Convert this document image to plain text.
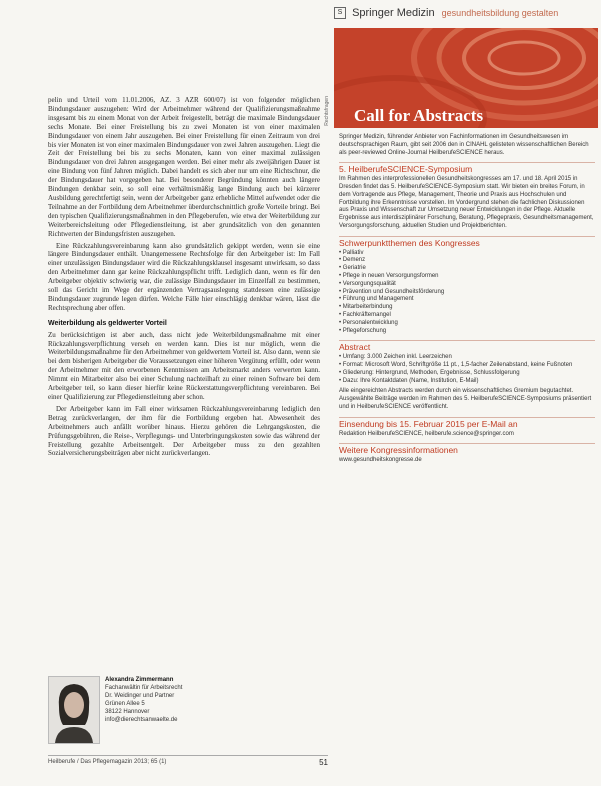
pelin und Urteil vom 11.01.2006, AZ. 3 AZR 600/07) ist von folgender möglichen Bindungsdauer auszugehen: Wird der Arbeitnehmer während der Qualifizierungsmaßnahme insgesamt bis zu einem Monat von der Arbeit freigestellt, beträgt die maximale Bindungsdauer sechs Monate. Bei einer Freistellung bis zu zwei Monaten ist von einer maximalen Bindungsdauer von einem Jahr auszugehen. Bei einer Freistellung für einen Zeitraum von drei bis vier Monaten ist von einer maximalen Bindungsdauer von zwei Jahren auszugehen. Liegt die Zeit der Freistellung bei bis zu sechs Monaten, kann von einer maximal zulässigen Bindungsdauer von drei Jahren ausgegangen werden. Bei einer mehr als zweijährigen Dauer ist eine Bindung von fünf Jahren möglich. Dabei handelt es sich aber nur um eine Richtschnur, die der Bindungsdauer hat vorgegeben hat. Bei besonderer Begründung könnten auch längere Bindungen denkbar sein, so soll eine verhältnismäßig lange Bindung auch bei kürzerer Ausbildung gerechtfertigt sein, wenn der Arbeitgeber ganz erhebliche Mittel aufwendet oder die Teilnahme an der Fortbildung dem Arbeitnehmer überdurchschnittlich große Vorteile bringt. Bei den typischen Qualifizierungsmaßnahmen in den Pflegeberufen, wie etwa der Weiterbildung zur Weiterbereichsleitung oder Pflegedienstleitung, ist aber grundsätzlich von den genannten Richtwerten der Bindungsfristen auszugehen.

Eine Rückzahlungsvereinbarung kann also grundsätzlich gekippt werden, wenn sie eine längere Bindungsdauer enthält. Unangemessene Rechtsfolge für den Arbeitgeber ist: Im Fall einer unzulässigen Bindungsdauer wird die Rückzahlungsklausel insgesamt unwirksam, so dass den Arbeitnehmer dann gar keine Rückzahlungspflicht trifft. Lediglich dann, wenn es für den Arbeitgeber objektiv schwierig war, die zulässige Bindungsdauer im Einzelfall zu bestimmen, soll das Gericht im Wege der ergänzenden Vertragsauslegung stattdessen eine zulässige Bindungsdauer zugrunde legen dürfen. Welche Fälle hier einschlägig denkbar wären, lässt die Rechtsprechung aber offen.

Weiterbildung als geldwerter Vorteil

Zu berücksichtigen ist aber auch, dass nicht jede Weiterbildungsmaßnahme mit einer Rückzahlungsverpflichtung verseh en werden kann. Dies ist nur möglich, wenn die Weiterbildungsmaßnahme für den Arbeitnehmer von geldwertem Vorteil ist. Also dann, wenn sie bei dem bisherigen Arbeitgeber die Voraussetzungen einer höheren Vergütung erfüllt, oder wenn der Arbeitnehmer mit den erworbenen Kenntnissen am Arbeitsmarkt anders verwerten kann. Nimmt ein Mitarbeiter also bei einer Schulung nachteilhaft zu einer reinen Software bei dem Arbeitgeber teil, so kann dieser hierfür keine Rückerstattungsverpflichtung vereinbaren. Bei einer Qualifizierung zur Pflegedienstleitung aber schon.

Der Arbeitgeber kann im Fall einer wirksamen Rückzahlungsvereinbarung lediglich den Betrag zurückverlangen, der ihm für die Fortbildung ergeben hat. Abwesenheit des Arbeitnehmers auch anfällt worüber hinaus. Hierzu gehören die Lehrgangskosten, die Prüfungsgebühren, die Reise-, Verpflegungs- und Unterbringungskosten sowie das während der Freistellung gezahlte Arbeitsentgelt. Der Arbeitgeber muss zu den gezahlten Sozialversicherungsbeiträgen aber nicht zurückverlangen.

Rechtsfragen
Alexandra Zimmermann
Fachanwältin für Arbeitsrecht
Dr. Weidinger und Partner
Grünen Allee 5
38122 Hannover
info@dierechtsanwaelte.de
Heilberufe / Das Pflegemagazin 2013; 65 (1)	51
S Springer Medizin gesundheitsbildung gestalten
Call for Abstracts

Springer Medizin, führender Anbieter von Fachinformationen im Gesundheitswesen im deutschsprachigen Raum, gibt seit 2006 den in CINAHL gelisteten wissenschaftlichen Bereich als peer-reviewed Online-Journal HeilberufeSCIENCE heraus.

5. HeilberufeSCIENCE-Symposium

Im Rahmen des interprofessionellen Gesundheitskongresses am 17. und 18. April 2015 in Dresden findet das 5. HeilberufeSCIENCE-Symposium statt. Wir bieten ein breites Forum, in dem Vortragende aus Pflege, Management, Theorie und Praxis aus Hochschulen und Fortbildung ihre Erkenntnisse vorstellen. Im Vordergrund stehen die fachlichen Diskussionen aus Praxis und Wissenschaft zur Umsetzung neuer Entwicklungen in der Pflege. Aktuelle Ergebnisse aus interdisziplinärer Forschung, Beratung, Pflegepraxis, Gesundheitsmanagement, Versorgungsforschung, aktuellen Studien und Projektberichten.

Schwerpunktthemen des Kongresses
• Palliativ
• Demenz
• Geriatrie
• Pflege in neuen Versorgungsformen
• Versorgungsqualität
• Prävention und Gesundheitsförderung
• Führung und Management
• Mitarbeiterbindung
• Fachkräftemangel
• Personalentwicklung
• Pflegeforschung
Abstract
• Umfang: 3.000 Zeichen inkl. Leerzeichen
• Format: Microsoft Word, Schriftgröße 11 pt., 1,5-facher Zeilenabstand, keine Fußnoten
• Gliederung: Hintergrund, Methoden, Ergebnisse, Schlussfolgerung
• Dazu: Ihre Kontaktdaten (Name, Institution, E-Mail)

Alle eingereichten Abstracts werden durch ein wissenschaftliches Gremium begutachtet. Ausgewählte Beiträge werden im Rahmen des 5. HeilberufeSCIENCE-Symposiums präsentiert und in HeilberufeSCIENCE veröffentlicht.

Einsendung bis 15. Februar 2015 per E-Mail an

Redaktion HeilberufeSCIENCE, heilberufe.science@springer.com

Weitere Kongressinformationen

www.gesundheitskongresse.de
